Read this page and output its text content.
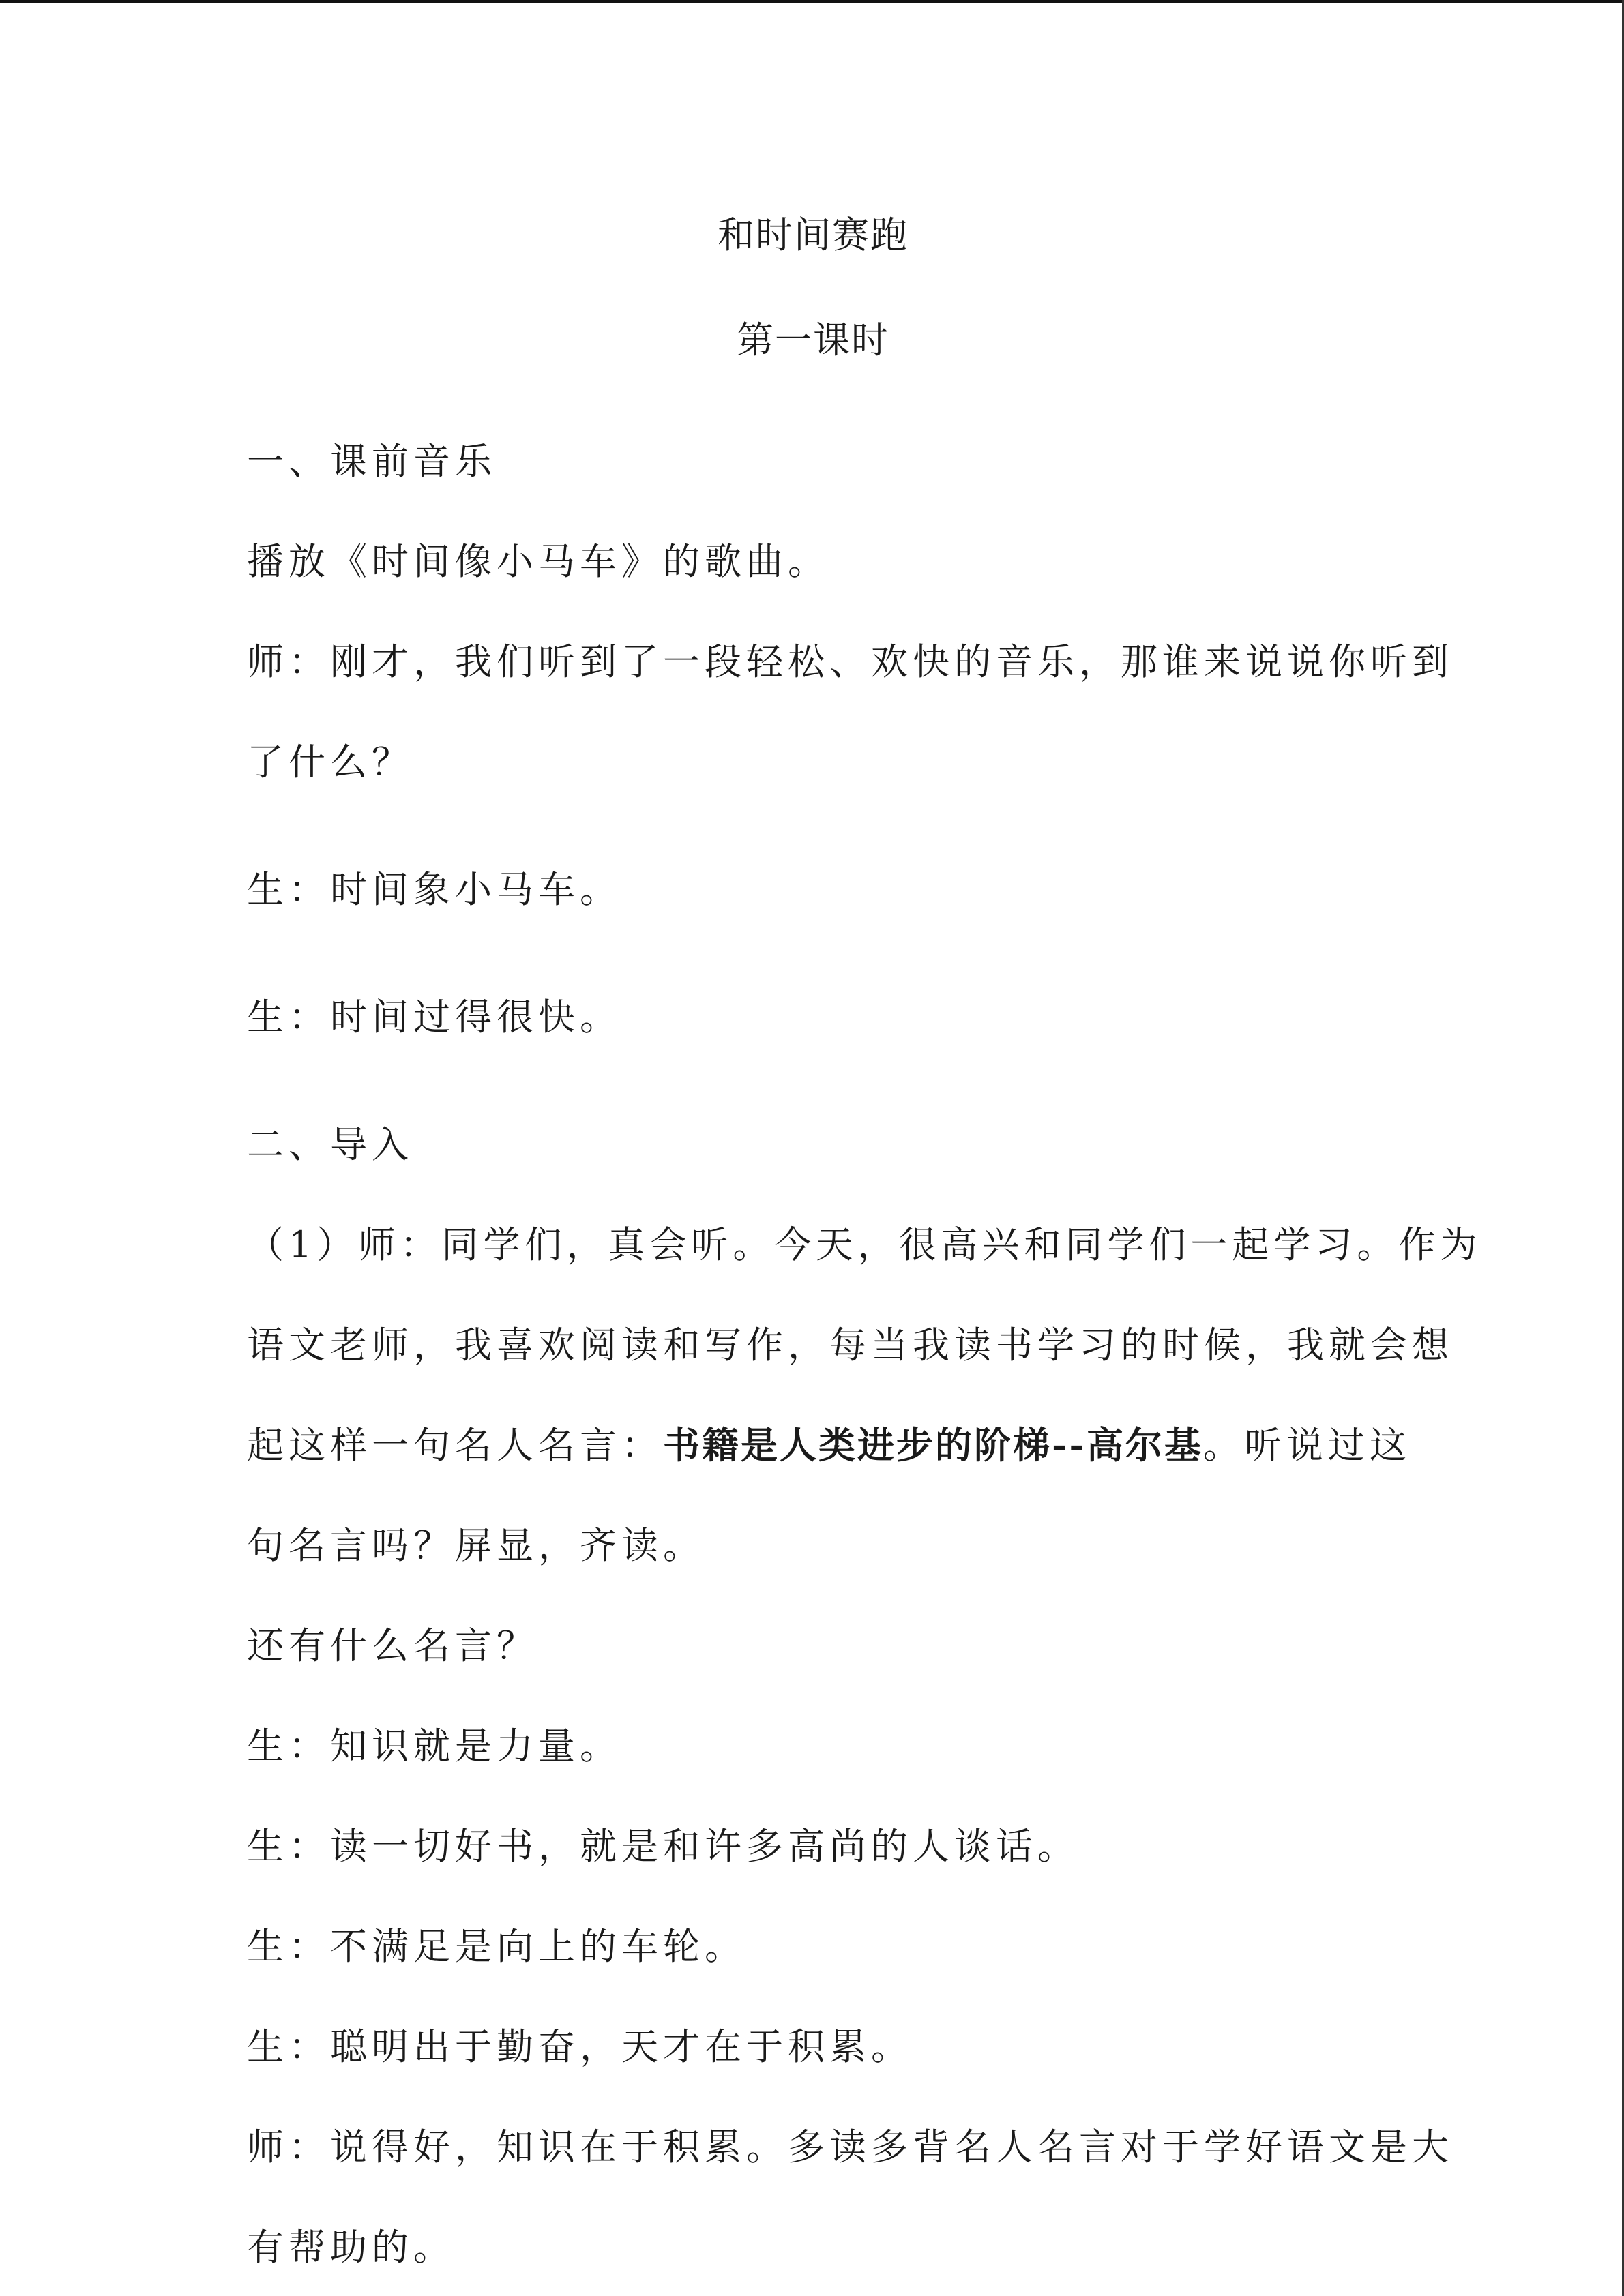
和时间赛跑
第一课时

一、课前音乐

播放《时间像小马车》的歌曲。

师：刚才，我们听到了一段轻松、欢快的音乐，那谁来说说你听到

了什么？

生：时间象小马车。

生：时间过得很快。

二、导入

（1）师：同学们，真会听。今天，很高兴和同学们一起学习。作为

语文老师，我喜欢阅读和写作，每当我读书学习的时候，我就会想

起这样一句名人名言：书籍是人类进步的阶梯--高尔基。听说过这

句名言吗？屏显，齐读。

还有什么名言？

生：知识就是力量。

生：读一切好书，就是和许多高尚的人谈话。

生：不满足是向上的车轮。

生：聪明出于勤奋，天才在于积累。

师：说得好，知识在于积累。多读多背名人名言对于学好语文是大

有帮助的。
